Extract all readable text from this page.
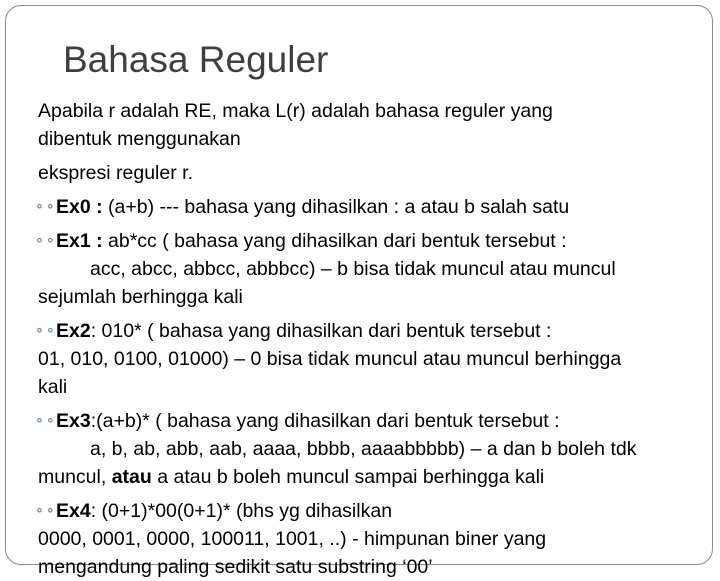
Bahasa Reguler
Apabila r adalah RE, maka L(r) adalah bahasa reguler yang
dibentuk menggunakan
ekspresi reguler r.
⚬⚬Ex0 : (a+b) --- bahasa yang dihasilkan : a atau b salah satu
⚬⚬Ex1 : ab*cc ( bahasa yang dihasilkan dari bentuk tersebut :
acc, abcc, abbcc, abbbcc) – b bisa tidak muncul atau muncul
sejumlah berhingga kali
⚬⚬Ex2: 010* ( bahasa yang dihasilkan dari bentuk tersebut :
01, 010, 0100, 01000) – 0 bisa tidak muncul atau muncul berhingga
kali
⚬⚬Ex3:(a+b)* ( bahasa yang dihasilkan dari bentuk tersebut :
a, b, ab, abb, aab, aaaa, bbbb, aaaabbbbb) – a dan b boleh tdk
muncul, atau a atau b boleh muncul sampai berhingga kali
⚬⚬Ex4: (0+1)*00(0+1)* (bhs yg dihasilkan
0000, 0001, 0000, 100011, 1001, ..) - himpunan biner yang
mengandung paling sedikit satu substring ‘00’
